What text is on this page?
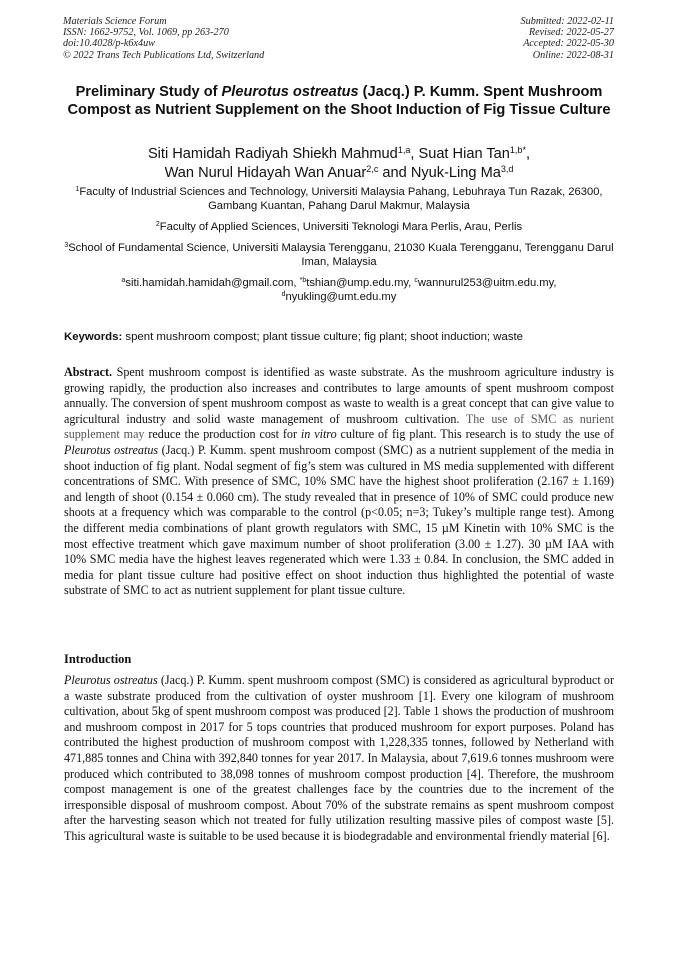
Materials Science Forum
ISSN: 1662-9752, Vol. 1069, pp 263-270
doi:10.4028/p-k6x4uw
© 2022 Trans Tech Publications Ltd, Switzerland
Submitted: 2022-02-11
Revised: 2022-05-27
Accepted: 2022-05-30
Online: 2022-08-31
Preliminary Study of Pleurotus ostreatus (Jacq.) P. Kumm. Spent Mushroom Compost as Nutrient Supplement on the Shoot Induction of Fig Tissue Culture
Siti Hamidah Radiyah Shiekh Mahmud$^{1,a}$, Suat Hian Tan$^{1,b*}$,
Wan Nurul Hidayah Wan Anuar$^{2,c}$ and Nyuk-Ling Ma$^{3,d}$
$^1$Faculty of Industrial Sciences and Technology, Universiti Malaysia Pahang, Lebuhraya Tun Razak, 26300, Gambang Kuantan, Pahang Darul Makmur, Malaysia
$^2$Faculty of Applied Sciences, Universiti Teknologi Mara Perlis, Arau, Perlis
$^3$School of Fundamental Science, Universiti Malaysia Terengganu, 21030 Kuala Terengganu, Terengganu Darul Iman, Malaysia
$^a$siti.hamidah.hamidah@gmail.com, $^{*b}$tshian@ump.edu.my, $^c$wannurul253@uitm.edu.my,
$^d$nyukling@umt.edu.my
Keywords: spent mushroom compost; plant tissue culture; fig plant; shoot induction; waste
Abstract. Spent mushroom compost is identified as waste substrate. As the mushroom agriculture industry is growing rapidly, the production also increases and contributes to large amounts of spent mushroom compost annually. The conversion of spent mushroom compost as waste to wealth is a great concept that can give value to agricultural industry and solid waste management of mushroom cultivation. The use of SMC as nurient supplement may reduce the production cost for in vitro culture of fig plant. This research is to study the use of Pleurotus ostreatus (Jacq.) P. Kumm. spent mushroom compost (SMC) as a nutrient supplement of the media in shoot induction of fig plant. Nodal segment of fig’s stem was cultured in MS media supplemented with different concentrations of SMC. With presence of SMC, 10% SMC have the highest shoot proliferation (2.167 ± 1.169) and length of shoot (0.154 ± 0.060 cm). The study revealed that in presence of 10% of SMC could produce new shoots at a frequency which was comparable to the control (p<0.05; n=3; Tukey’s multiple range test). Among the different media combinations of plant growth regulators with SMC, 15 µM Kinetin with 10% SMC is the most effective treatment which gave maximum number of shoot proliferation (3.00 ± 1.27). 30 µM IAA with 10% SMC media have the highest leaves regenerated which were 1.33 ± 0.84. In conclusion, the SMC added in media for plant tissue culture had positive effect on shoot induction thus highlighted the potential of waste substrate of SMC to act as nutrient supplement for plant tissue culture.
Introduction
Pleurotus ostreatus (Jacq.) P. Kumm. spent mushroom compost (SMC) is considered as agricultural byproduct or a waste substrate produced from the cultivation of oyster mushroom [1]. Every one kilogram of mushroom cultivation, about 5kg of spent mushroom compost was produced [2]. Table 1 shows the production of mushroom and mushroom compost in 2017 for 5 tops countries that produced mushroom for export purposes. Poland has contributed the highest production of mushroom compost with 1,228,335 tonnes, followed by Netherland with 471,885 tonnes and China with 392,840 tonnes for year 2017. In Malaysia, about 7,619.6 tonnes mushroom were produced which contributed to 38,098 tonnes of mushroom compost production [4]. Therefore, the mushroom compost management is one of the greatest challenges face by the countries due to the increment of the irresponsible disposal of mushroom compost. About 70% of the substrate remains as spent mushroom compost after the harvesting season which not treated for fully utilization resulting massive piles of compost waste [5]. This agricultural waste is suitable to be used because it is biodegradable and environmental friendly material [6].
